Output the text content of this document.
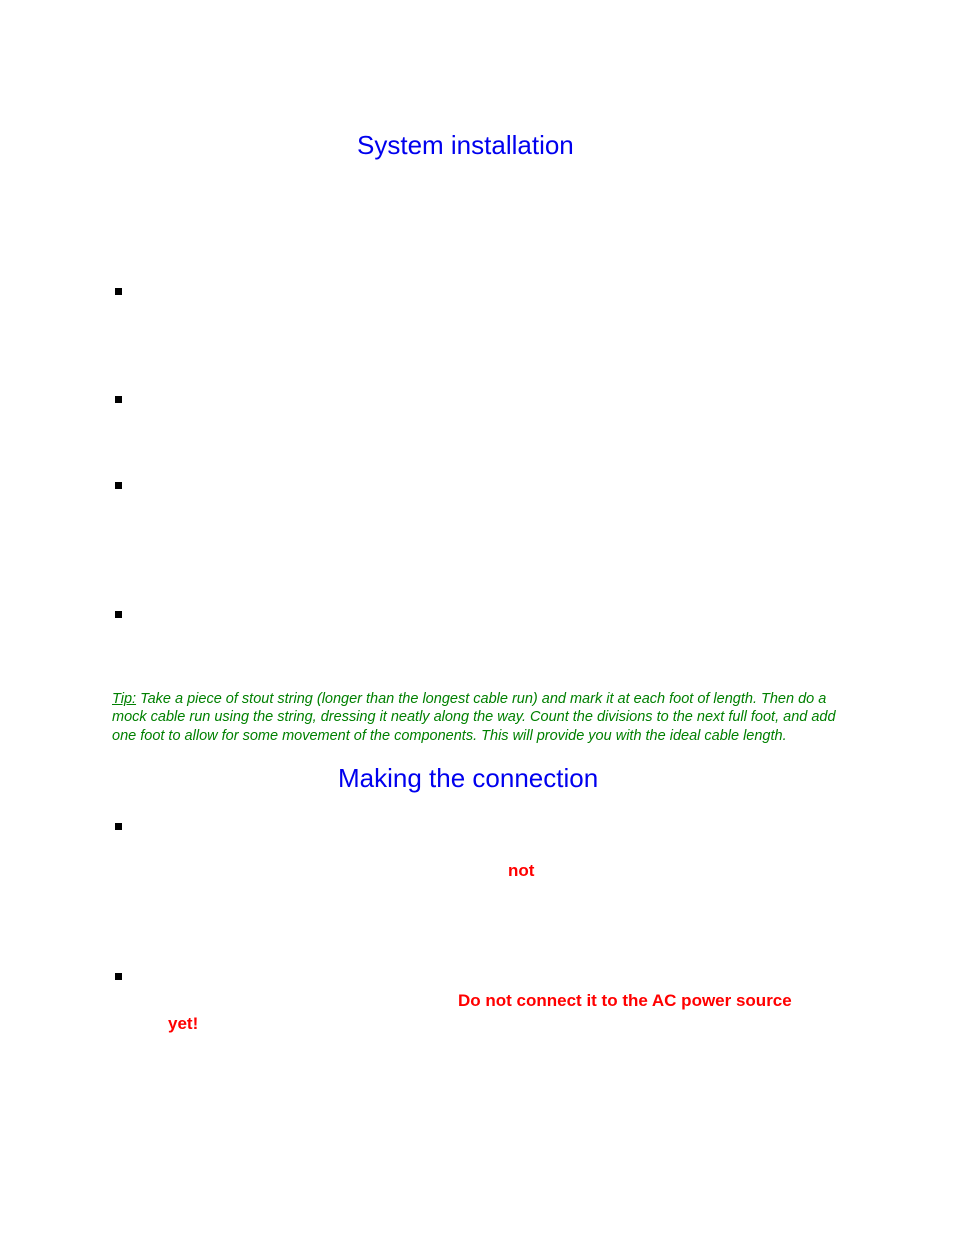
System installation
Tip: Take a piece of stout string (longer than the longest cable run) and mark it at each foot of length. Then do a mock cable run using the string, dressing it neatly along the way. Count the divisions to the next full foot, and add one foot to allow for some movement of the components. This will provide you with the ideal cable length.
Making the connection
not
Do not connect it to the AC power source
yet!
